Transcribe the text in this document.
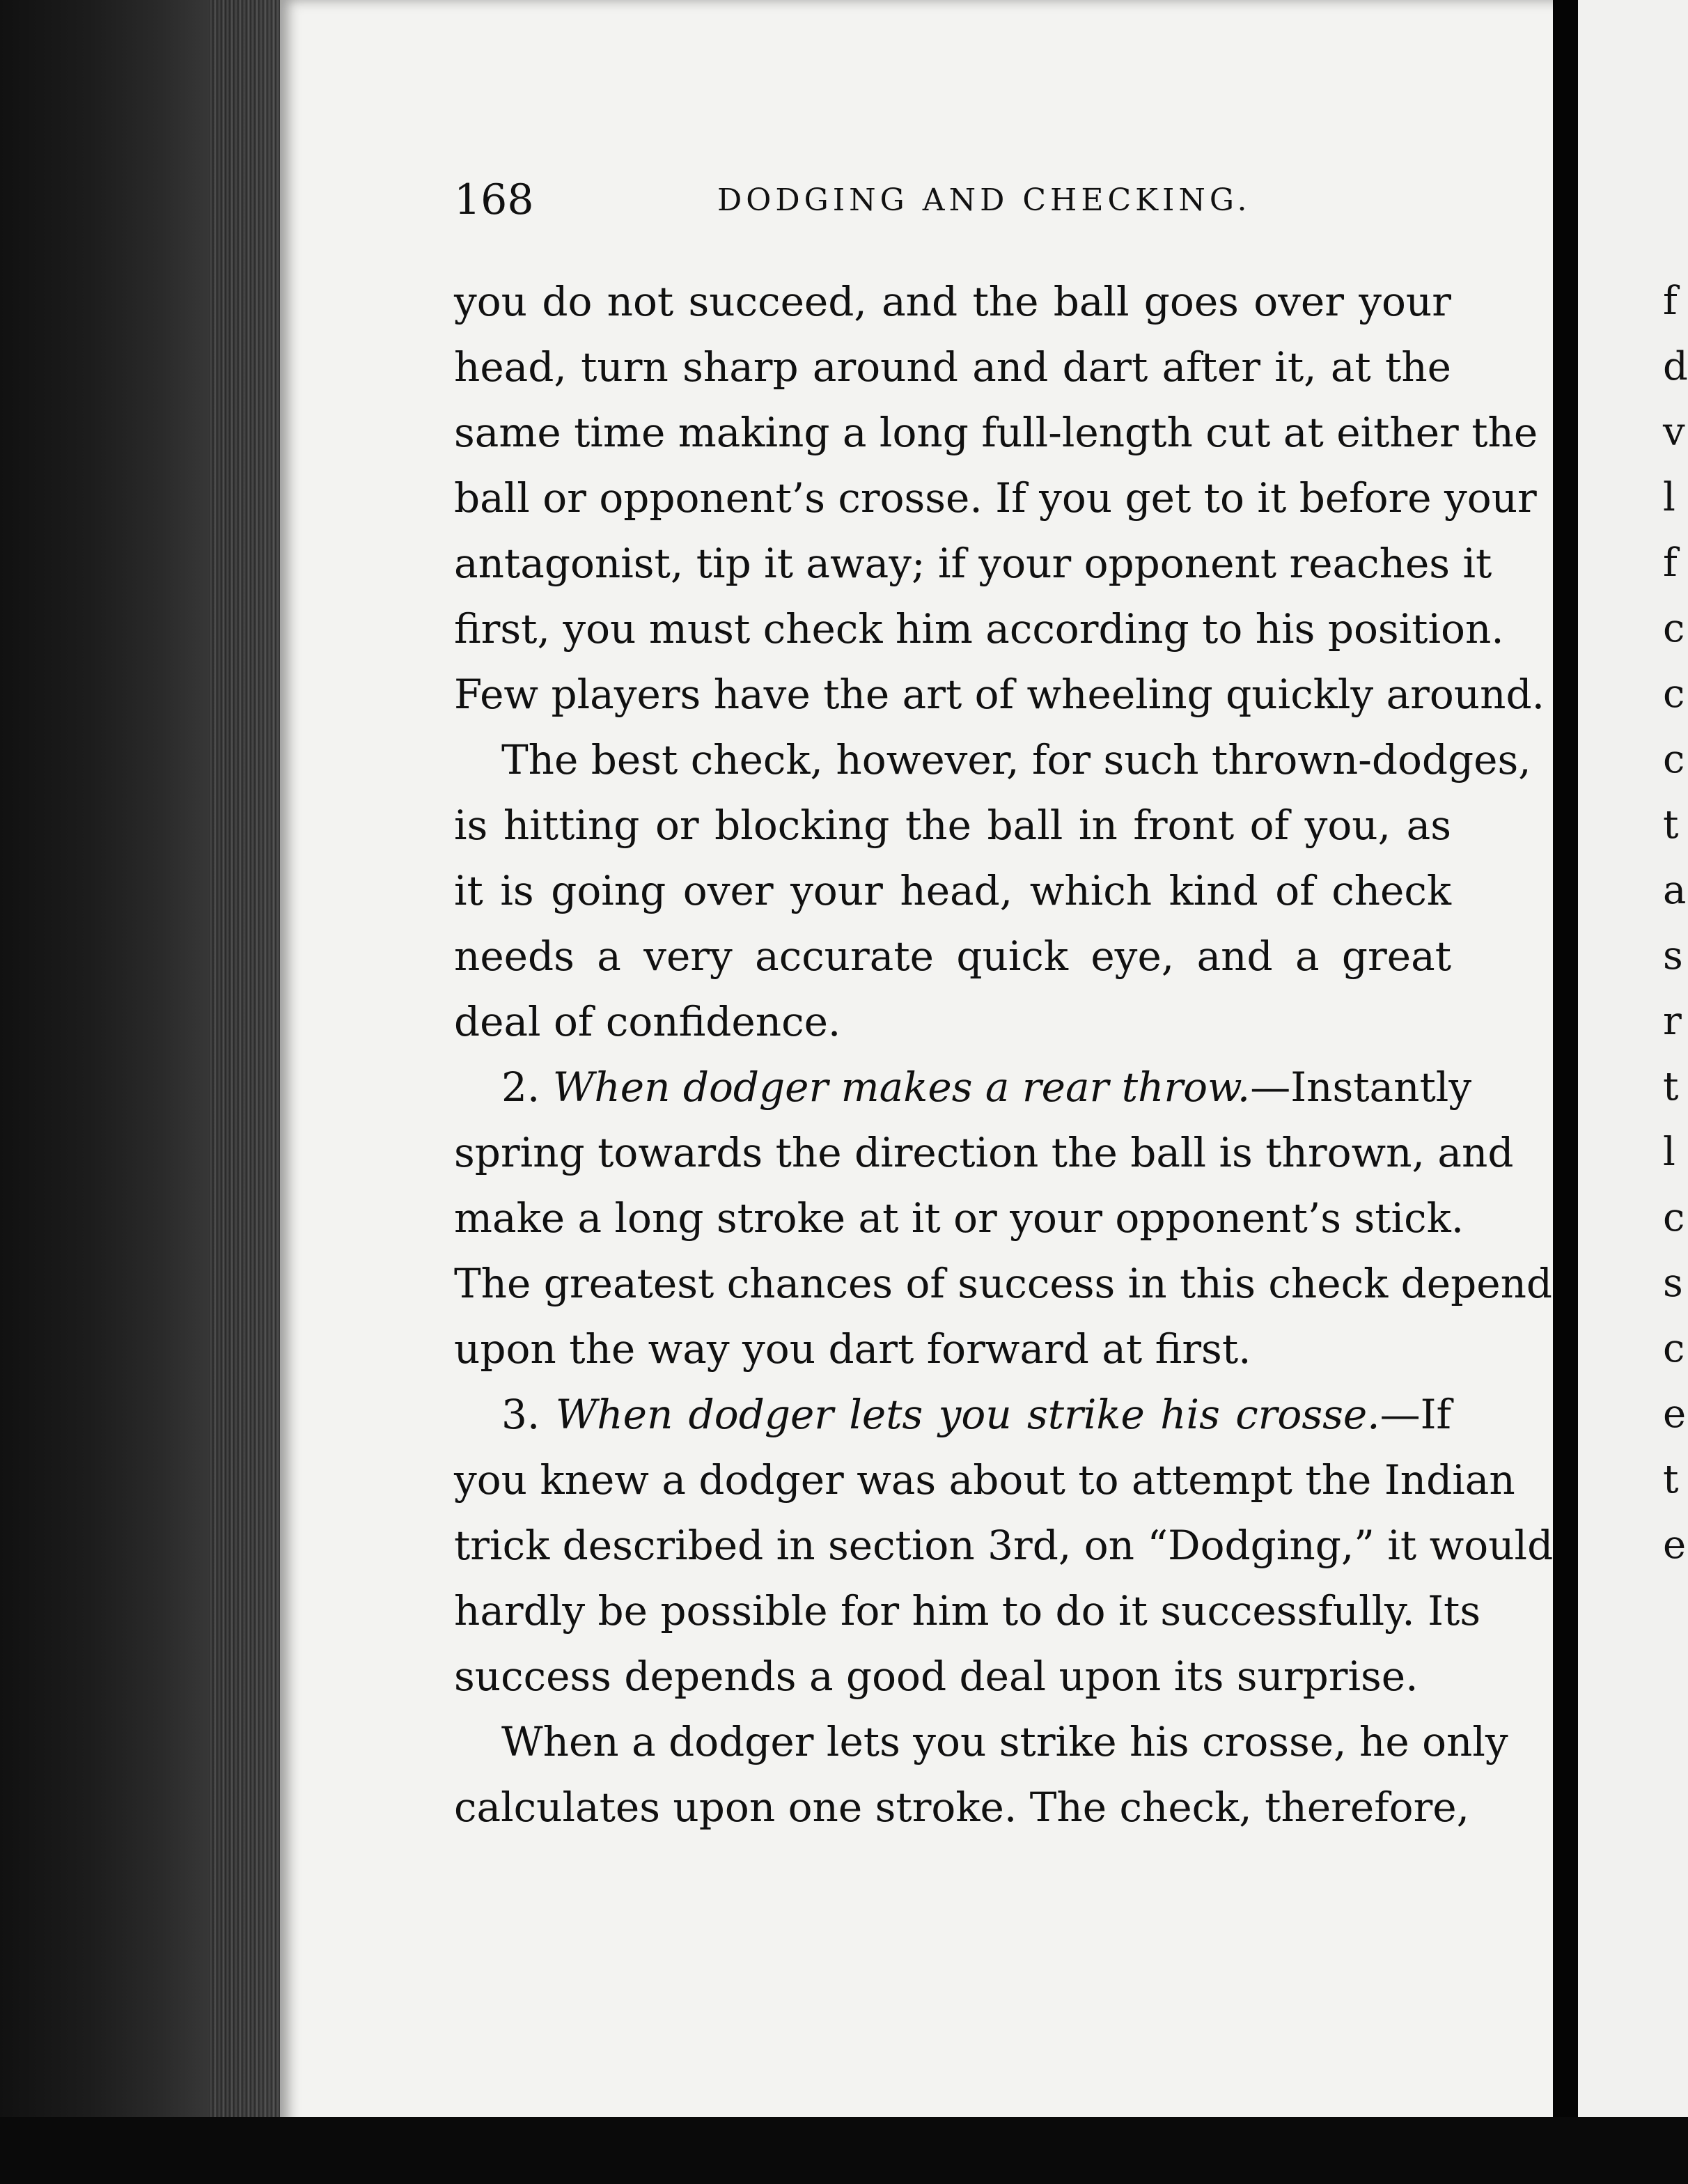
168	DODGING AND CHECKING.
you do not succeed, and the ball goes over your
head, turn sharp around and dart after it, at the
same time making a long full-length cut at either the
ball or opponent’s crosse. If you get to it before your
antagonist, tip it away; if your opponent reaches it
first, you must check him according to his position.
Few players have the art of wheeling quickly around.
The best check, however, for such thrown-dodges,
is hitting or blocking the ball in front of you, as
it is going over your head, which kind of check
needs a very accurate quick eye, and a great
deal of confidence.
2. When dodger makes a rear throw.—Instantly
spring towards the direction the ball is thrown, and
make a long stroke at it or your opponent’s stick.
The greatest chances of success in this check depend
upon the way you dart forward at first.
3. When dodger lets you strike his crosse.—If
you knew a dodger was about to attempt the Indian
trick described in section 3rd, on “Dodging,” it would
hardly be possible for him to do it successfully. Its
success depends a good deal upon its surprise.
When a dodger lets you strike his crosse, he only
calculates upon one stroke. The check, therefore,
f
d
v
l
f
c
c
c
t
a
s
r
t
l
c
s
c
e
t
e
